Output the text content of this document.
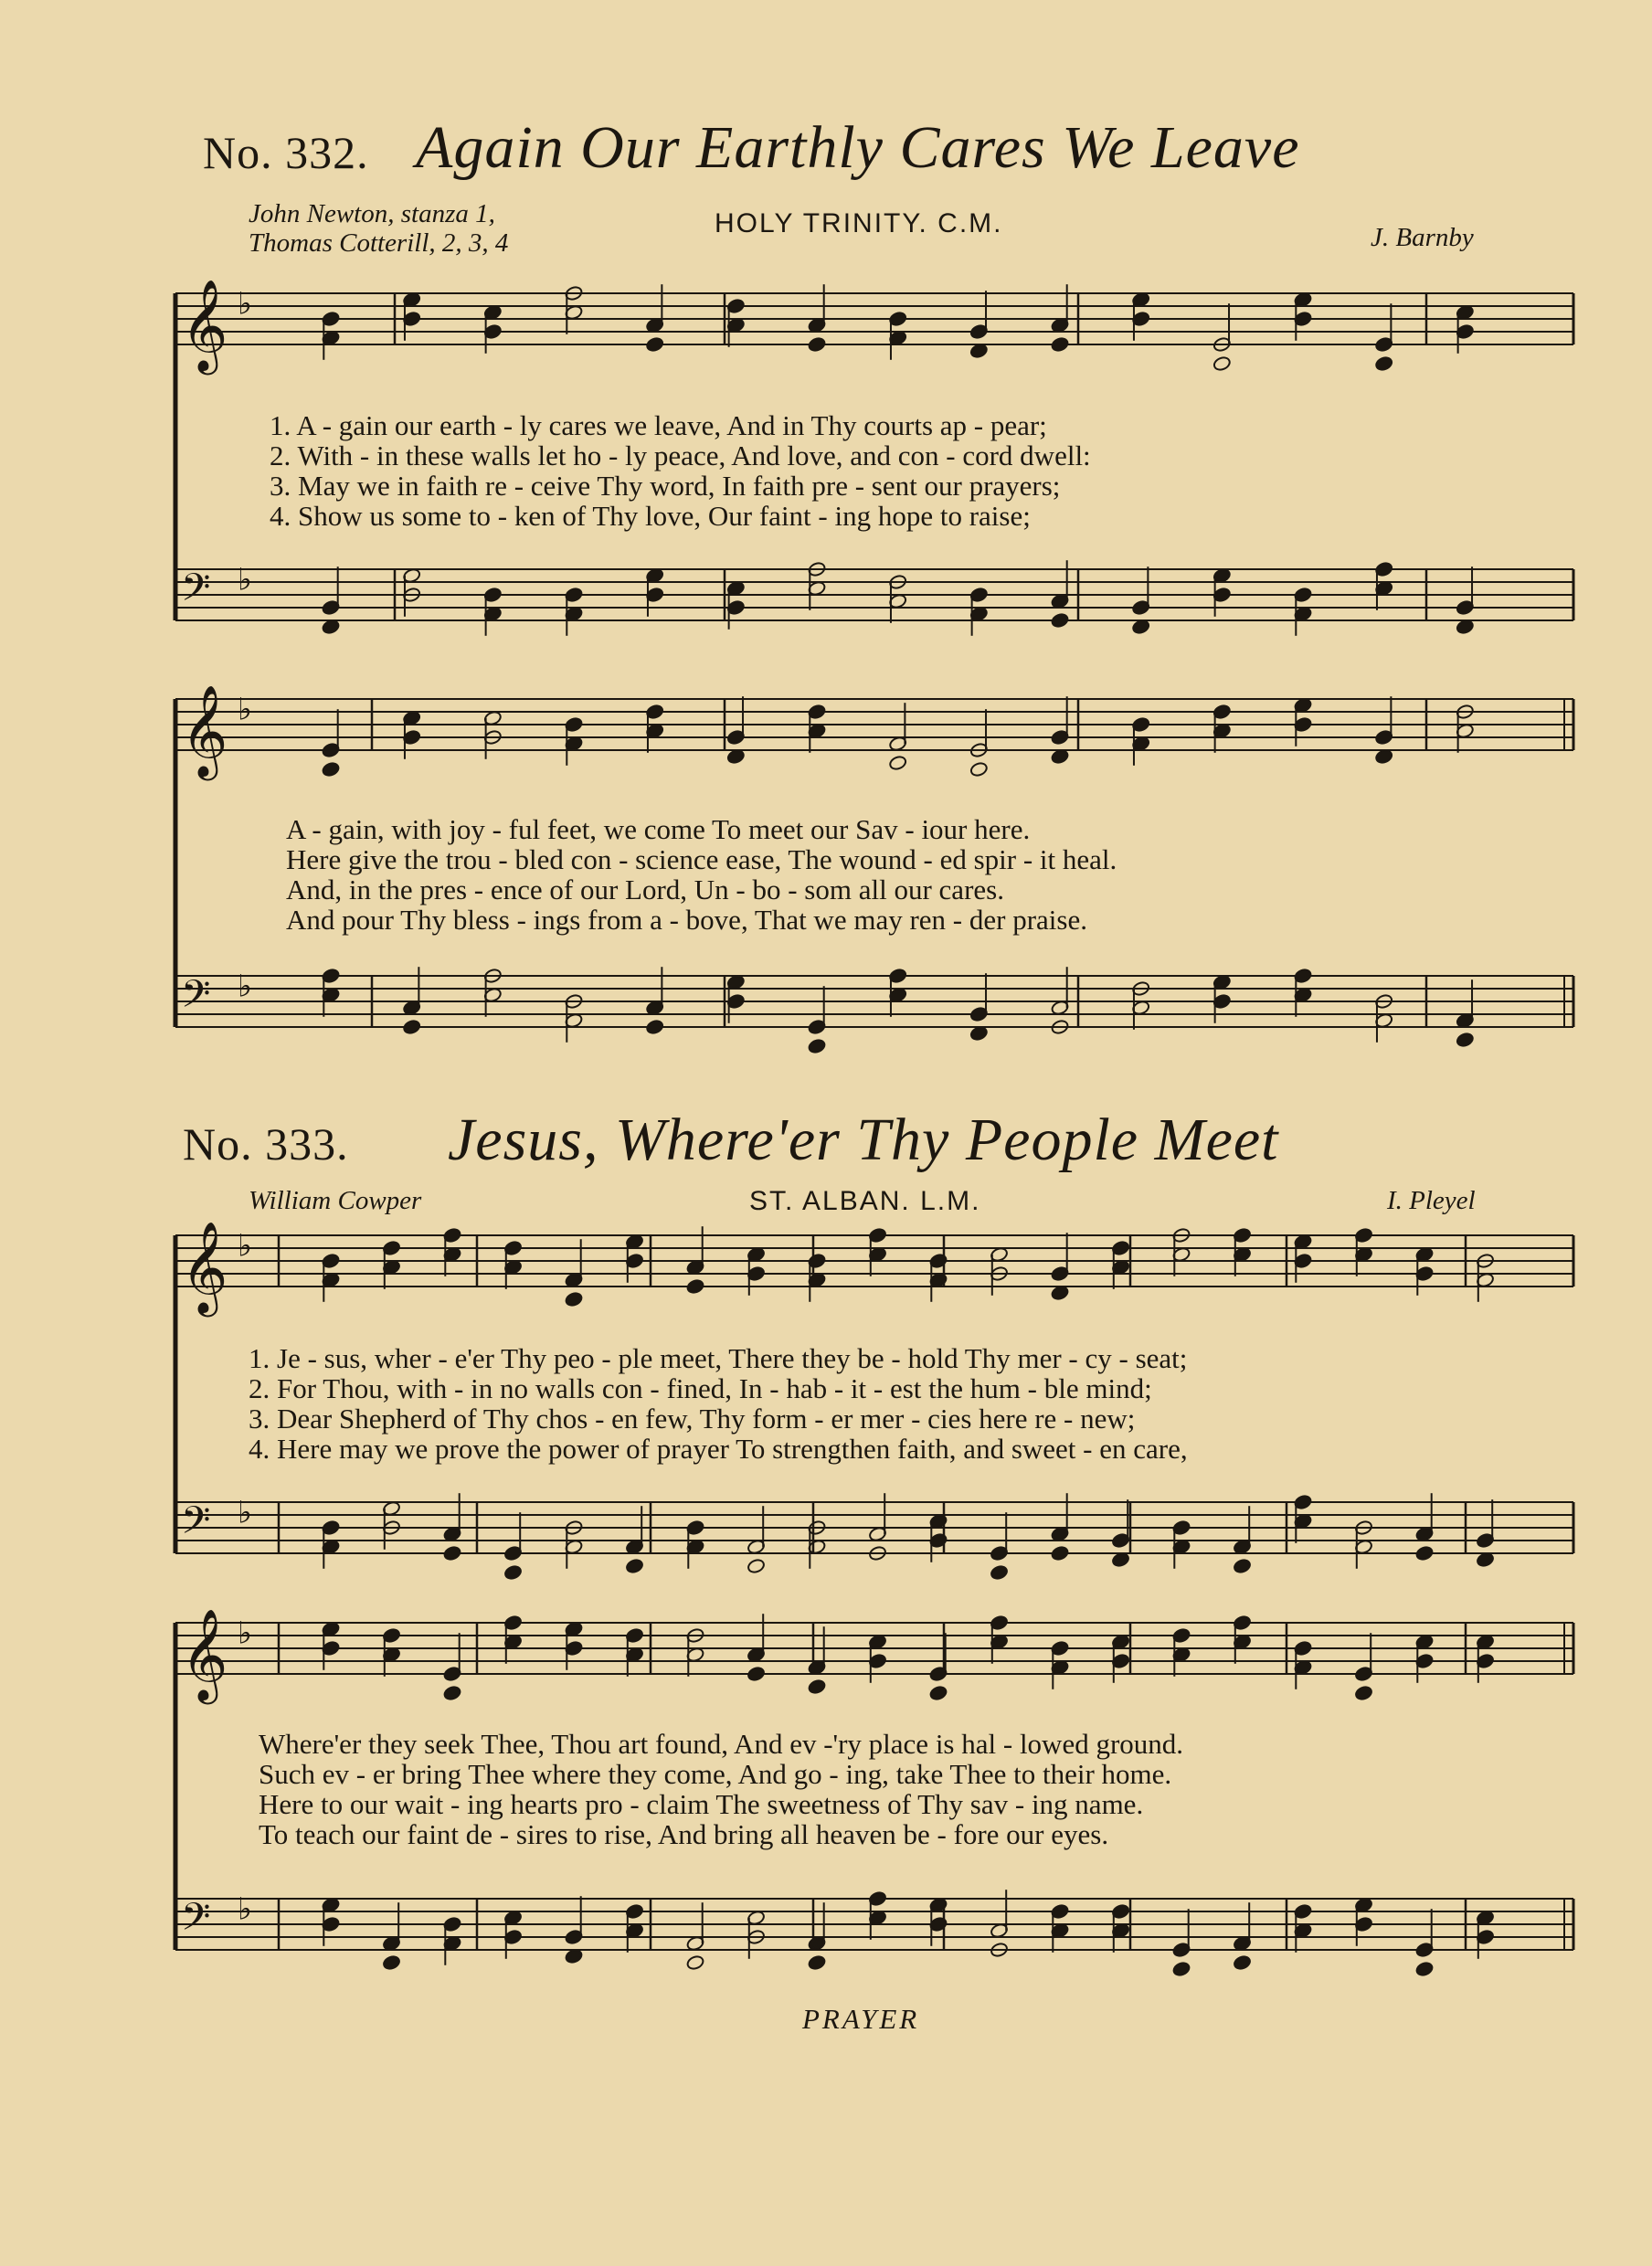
No. 332. Again Our Earthly Cares We Leave
John Newton, stanza 1,
Thomas Cotterill, 2, 3, 4
HOLY TRINITY. C.M.	J. Barnby
1. A - gain our earth - ly cares we leave, And in Thy courts ap - pear;
2. With - in these walls let ho - ly peace, And love, and con - cord dwell:
3. May we in faith re - ceive Thy word, In faith pre - sent our prayers;
4. Show us some to - ken of Thy love, Our faint - ing hope to raise;
A - gain, with joy - ful feet, we come To meet our Sav - iour here.
Here give the trou - bled con - science ease, The wound - ed spir - it heal.
And, in the pres - ence of our Lord, Un - bo - som all our cares.
And pour Thy bless - ings from a - bove, That we may ren - der praise.
No. 333. Jesus, Where'er Thy People Meet
William Cowper	ST. ALBAN. L.M.	I. Pleyel
1. Je - sus, wher - e'er Thy peo - ple meet, There they be - hold Thy mer - cy - seat;
2. For Thou, with - in no walls con - fined, In - hab - it - est the hum - ble mind;
3. Dear Shepherd of Thy chos - en few, Thy form - er mer - cies here re - new;
4. Here may we prove the power of prayer To strengthen faith, and sweet - en care,
Where'er they seek Thee, Thou art found, And ev -'ry place is hal - lowed ground.
Such ev - er bring Thee where they come, And go - ing, take Thee to their home.
Here to our wait - ing hearts pro - claim The sweetness of Thy sav - ing name.
To teach our faint de - sires to rise, And bring all heaven be - fore our eyes.
PRAYER
𝄞 ♭
𝄢 ♭
𝄞 ♭
𝄢 ♭
𝄞 ♭
𝄢 ♭
𝄞 ♭
𝄢 ♭
